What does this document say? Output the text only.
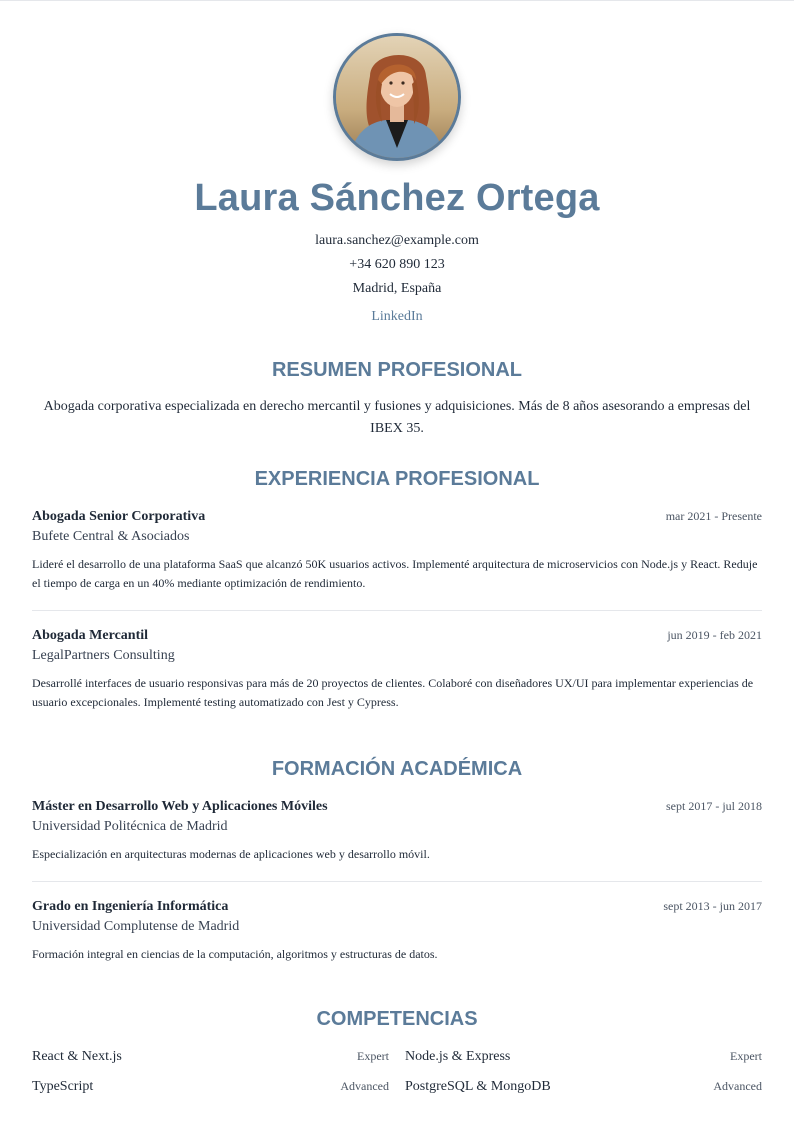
Laura Sánchez Ortega
laura.sanchez@example.com
+34 620 890 123
Madrid, España
LinkedIn
RESUMEN PROFESIONAL

Abogada corporativa especializada en derecho mercantil y fusiones y adquisiciones. Más de 8 años asesorando a empresas del IBEX 35.

EXPERIENCIA PROFESIONAL
Abogada Senior Corporativa	mar 2021 - Presente
Bufete Central & Asociados
Lideré el desarrollo de una plataforma SaaS que alcanzó 50K usuarios activos. Implementé arquitectura de microservicios con Node.js y React. Reduje el tiempo de carga en un 40% mediante optimización de rendimiento.
Abogada Mercantil	jun 2019 - feb 2021
LegalPartners Consulting
Desarrollé interfaces de usuario responsivas para más de 20 proyectos de clientes. Colaboré con diseñadores UX/UI para implementar experiencias de usuario excepcionales. Implementé testing automatizado con Jest y Cypress.
FORMACIÓN ACADÉMICA
Máster en Desarrollo Web y Aplicaciones Móviles	sept 2017 - jul 2018
Universidad Politécnica de Madrid
Especialización en arquitecturas modernas de aplicaciones web y desarrollo móvil.
Grado en Ingeniería Informática	sept 2013 - jun 2017
Universidad Complutense de Madrid
Formación integral en ciencias de la computación, algoritmos y estructuras de datos.
COMPETENCIAS
React & Next.js	Expert Node.js & Express	Expert
TypeScript	Advanced PostgreSQL & MongoDB	Advanced
